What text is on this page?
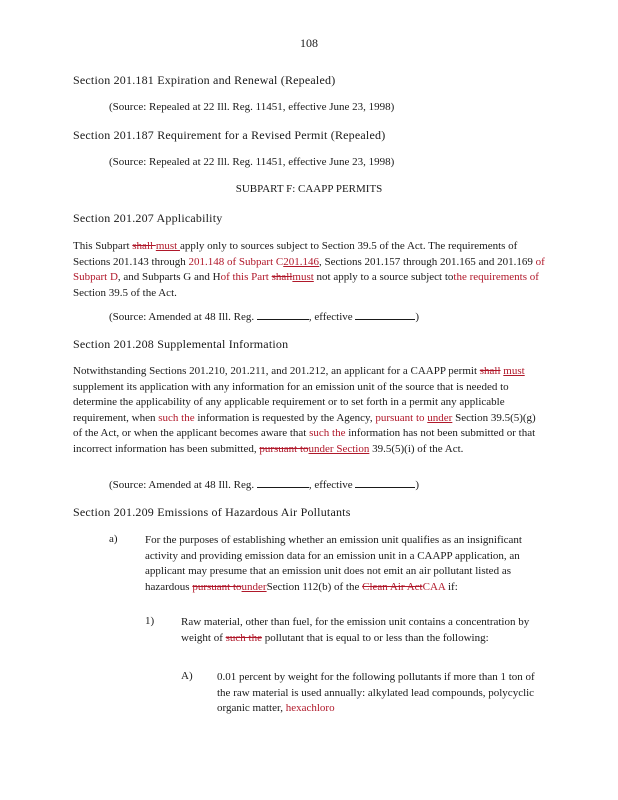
108
Section 201.181 Expiration and Renewal (Repealed)
(Source: Repealed at 22 Ill. Reg. 11451, effective June 23, 1998)
Section 201.187 Requirement for a Revised Permit (Repealed)
(Source: Repealed at 22 Ill. Reg. 11451, effective June 23, 1998)
SUBPART F: CAAPP PERMITS
Section 201.207 Applicability
This Subpart shall must apply only to sources subject to Section 39.5 of the Act. The requirements of Sections 201.143 through 201.148 of Subpart C201.146, Sections 201.157 through 201.165 and 201.169 of Subpart D, and Subparts G and Hof this Part shallmust not apply to a source subject tothe requirements of Section 39.5 of the Act.
(Source: Amended at 48 Ill. Reg.	, effective	)
Section 201.208 Supplemental Information
Notwithstanding Sections 201.210, 201.211, and 201.212, an applicant for a CAAPP permit shall must supplement its application with any information for an emission unit of the source that is needed to determine the applicability of any applicable requirement or to set forth in a permit any applicable requirement, when such the information is requested by the Agency, pursuant to under Section 39.5(5)(g) of the Act, or when the applicant becomes aware that such the information has not been submitted or that incorrect information has been submitted, pursuant tounder Section 39.5(5)(i) of the Act.
(Source: Amended at 48 Ill. Reg.	, effective	)
Section 201.209 Emissions of Hazardous Air Pollutants
a) For the purposes of establishing whether an emission unit qualifies as an insignificant activity and providing emission data for an emission unit in a CAAPP application, an applicant may presume that an emission unit does not emit an air pollutant listed as hazardous pursuant tounderSection 112(b) of the Clean Air ActCAA if:
1) Raw material, other than fuel, for the emission unit contains a concentration by weight of such the pollutant that is equal to or less than the following:
A) 0.01 percent by weight for the following pollutants if more than 1 ton of the raw material is used annually: alkylated lead compounds, polycyclic organic matter, hexachloro
